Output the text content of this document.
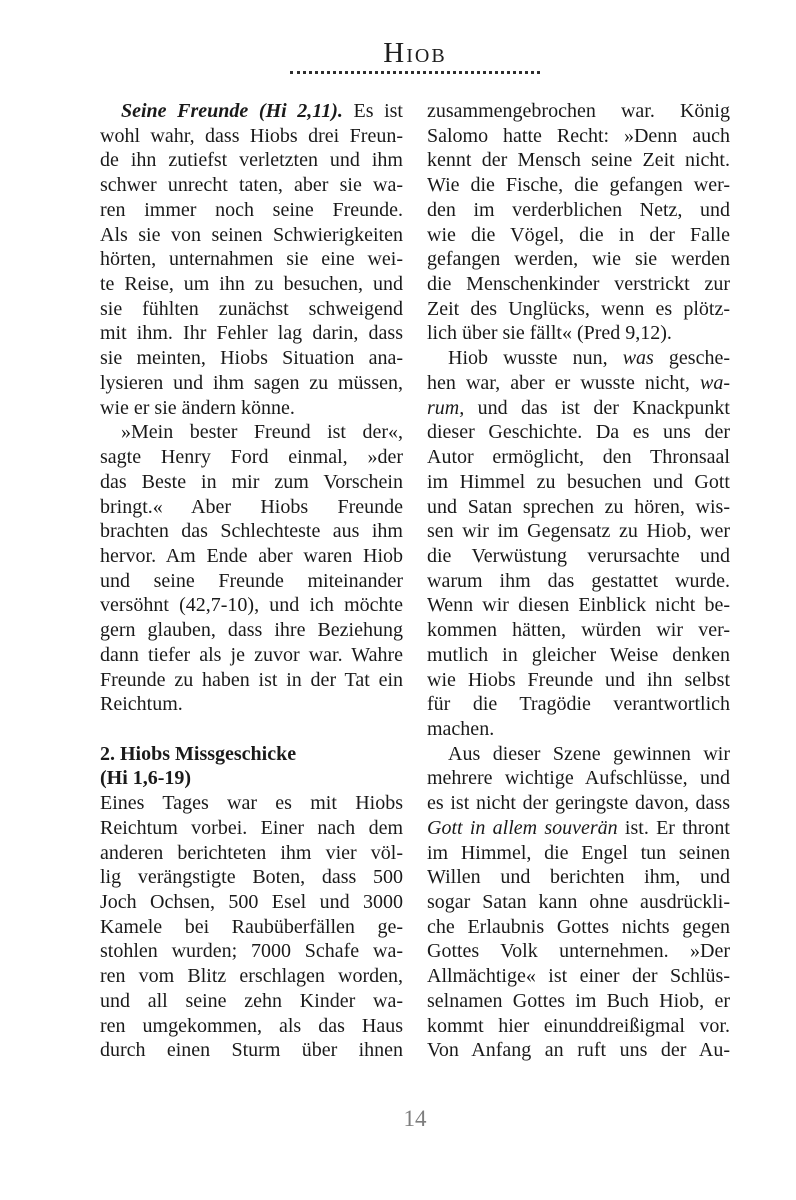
Hiob
Seine Freunde (Hi 2,11). Es ist
wohl wahr, dass Hiobs drei Freun-
de ihn zutiefst verletzten und ihm
schwer unrecht taten, aber sie wa-
ren immer noch seine Freunde.
Als sie von seinen Schwierigkeiten
hörten, unternahmen sie eine wei-
te Reise, um ihn zu besuchen, und
sie fühlten zunächst schweigend
mit ihm. Ihr Fehler lag darin, dass
sie meinten, Hiobs Situation ana-
lysieren und ihm sagen zu müssen,
wie er sie ändern könne.
»Mein bester Freund ist der«,
sagte Henry Ford einmal, »der
das Beste in mir zum Vorschein
bringt.« Aber Hiobs Freunde
brachten das Schlechteste aus ihm
hervor. Am Ende aber waren Hiob
und seine Freunde miteinander
versöhnt (42,7-10), und ich möchte
gern glauben, dass ihre Beziehung
dann tiefer als je zuvor war. Wahre
Freunde zu haben ist in der Tat ein
Reichtum.
2. Hiobs Missgeschicke
(Hi 1,6-19)
Eines Tages war es mit Hiobs
Reichtum vorbei. Einer nach dem
anderen berichteten ihm vier völ-
lig verängstigte Boten, dass 500
Joch Ochsen, 500 Esel und 3000
Kamele bei Raubüberfällen ge-
stohlen wurden; 7000 Schafe wa-
ren vom Blitz erschlagen worden,
und all seine zehn Kinder wa-
ren umgekommen, als das Haus
durch einen Sturm über ihnen
zusammengebrochen war. König
Salomo hatte Recht: »Denn auch
kennt der Mensch seine Zeit nicht.
Wie die Fische, die gefangen wer-
den im verderblichen Netz, und
wie die Vögel, die in der Falle
gefangen werden, wie sie werden
die Menschenkinder verstrickt zur
Zeit des Unglücks, wenn es plötz-
lich über sie fällt« (Pred 9,12).
Hiob wusste nun, was gesche-
hen war, aber er wusste nicht, wa-
rum, und das ist der Knackpunkt
dieser Geschichte. Da es uns der
Autor ermöglicht, den Thronsaal
im Himmel zu besuchen und Gott
und Satan sprechen zu hören, wis-
sen wir im Gegensatz zu Hiob, wer
die Verwüstung verursachte und
warum ihm das gestattet wurde.
Wenn wir diesen Einblick nicht be-
kommen hätten, würden wir ver-
mutlich in gleicher Weise denken
wie Hiobs Freunde und ihn selbst
für die Tragödie verantwortlich
machen.
Aus dieser Szene gewinnen wir
mehrere wichtige Aufschlüsse, und
es ist nicht der geringste davon, dass
Gott in allem souverän ist. Er thront
im Himmel, die Engel tun seinen
Willen und berichten ihm, und
sogar Satan kann ohne ausdrückli-
che Erlaubnis Gottes nichts gegen
Gottes Volk unternehmen. »Der
Allmächtige« ist einer der Schlüs-
selnamen Gottes im Buch Hiob, er
kommt hier einunddreißigmal vor.
Von Anfang an ruft uns der Au-
14
